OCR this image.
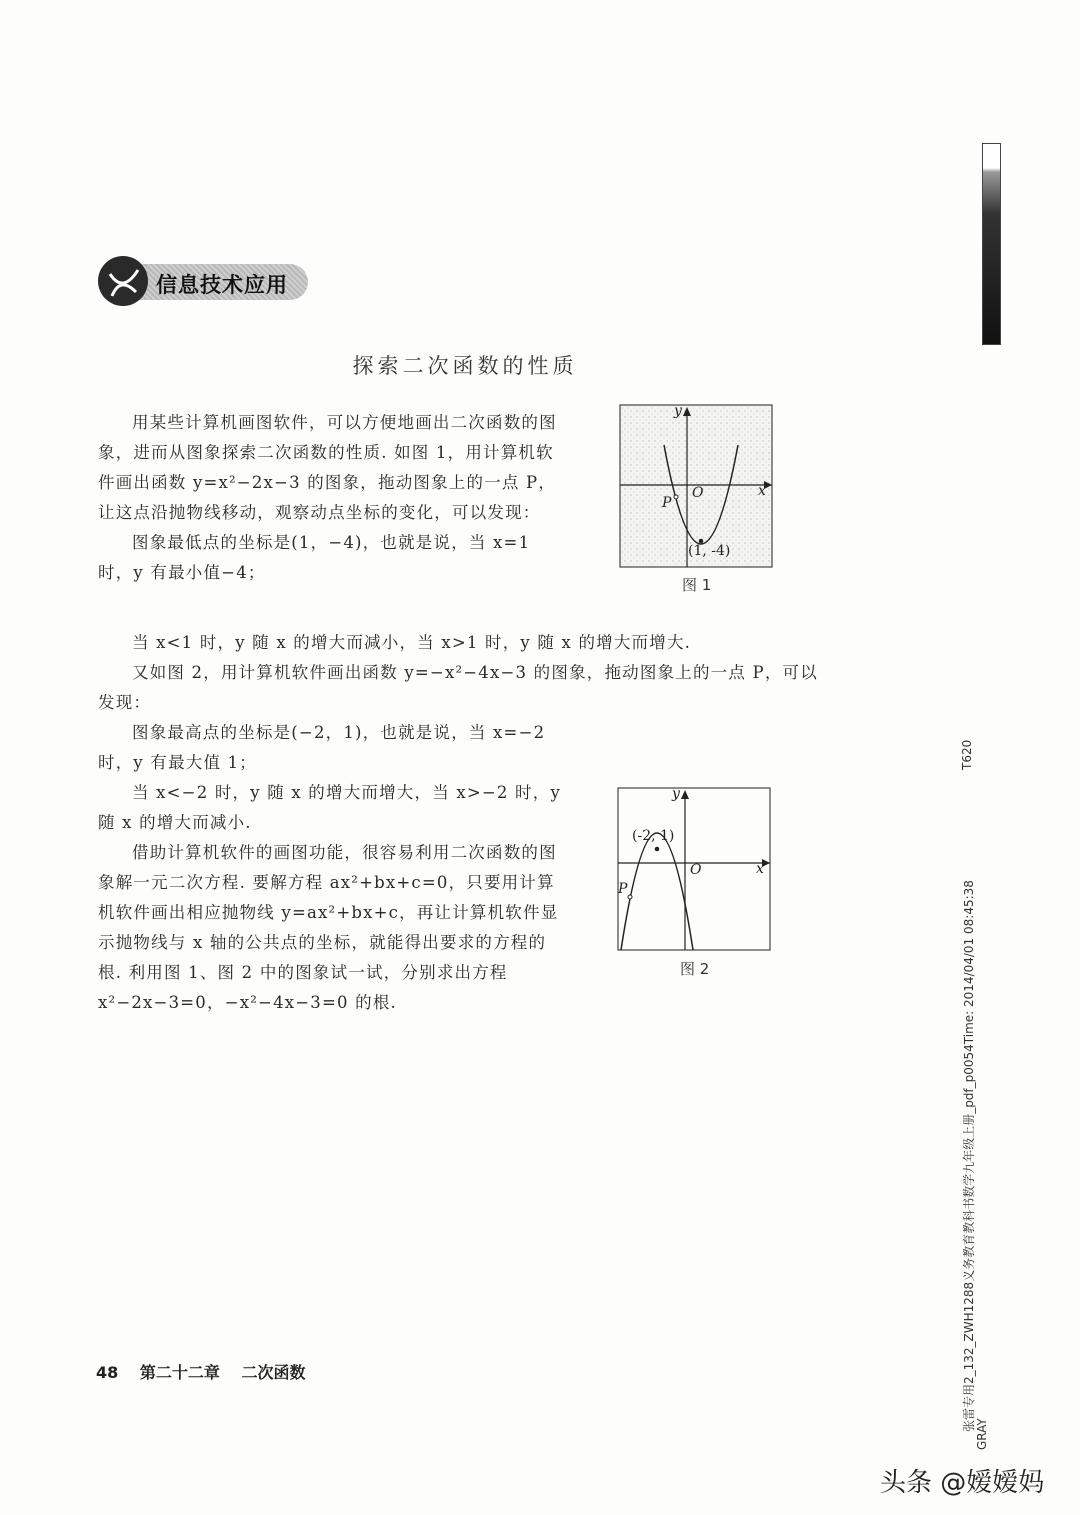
信息技术应用
探索二次函数的性质

用某些计算机画图软件，可以方便地画出二次函数的图象，进而从图象探索二次函数的性质. 如图 1，用计算机软件画出函数 y=x²−2x−3 的图象，拖动图象上的一点 P，让这点沿抛物线移动，观察动点坐标的变化，可以发现：

图象最低点的坐标是(1，−4)，也就是说，当 x=1 时，y 有最小值−4；

当 x<1 时，y 随 x 的增大而减小，当 x>1 时，y 随 x 的增大而增大.

又如图 2，用计算机软件画出函数 y=−x²−4x−3 的图象，拖动图象上的一点 P，可以发现：

图象最高点的坐标是(−2，1)，也就是说，当 x=−2 时，y 有最大值 1；

当 x<−2 时，y 随 x 的增大而增大，当 x>−2 时，y 随 x 的增大而减小.

借助计算机软件的画图功能，很容易利用二次函数的图象解一元二次方程. 要解方程 ax²+bx+c=0，只要用计算机软件画出相应抛物线 y=ax²+bx+c，再让计算机软件显示抛物线与 x 轴的公共点的坐标，就能得出要求的方程的根. 利用图 1、图 2 中的图象试一试，分别求出方程 x²−2x−3=0，−x²−4x−3=0 的根.

y
x
O
P
(1, -4)
图 1
y
x
O
P
(-2, 1)
图 2
48 第二十二章 二次函数
T620
张雷专用2_132_ZWH1288义务教育教科书数学九年级上册_pdf_p0054Time: 2014/04/01 08:45:38
GRAY
头条 @嫒嫒妈
